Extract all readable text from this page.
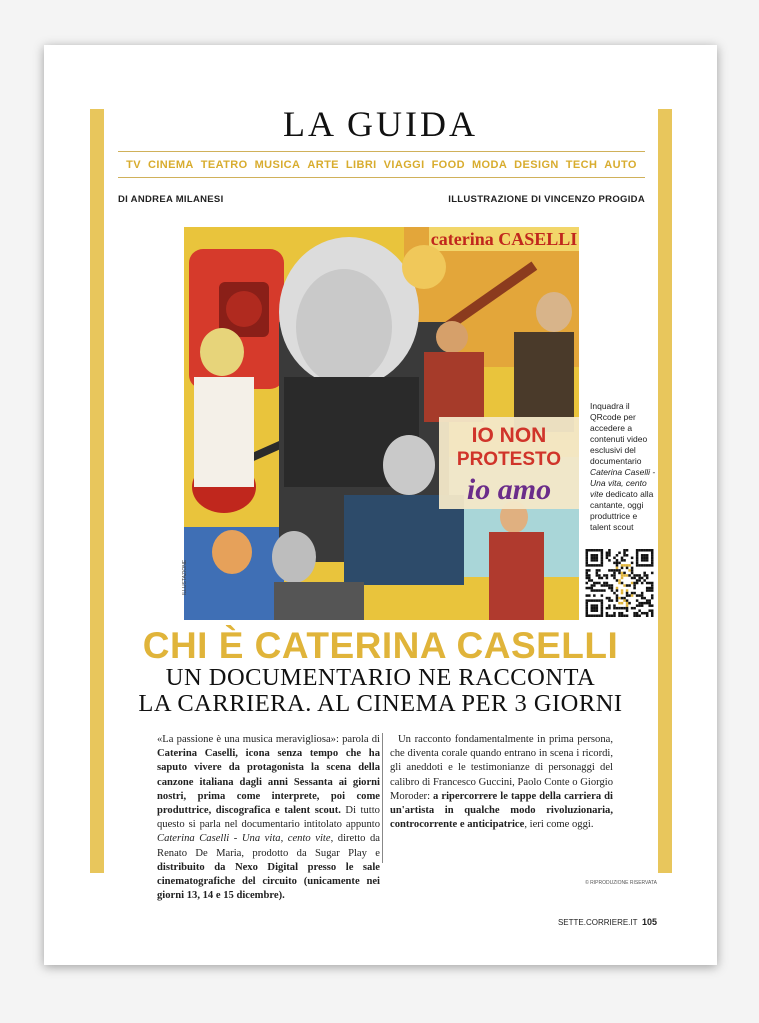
LA GUIDA
TV CINEMA TEATRO MUSICA ARTE LIBRI VIAGGI FOOD MODA DESIGN TECH AUTO
DI ANDREA MILANESI	ILLUSTRAZIONE DI VINCENZO PROGIDA
caterina CASELLI
IO NON
PROTESTO
io amo
ILLUSTAZIONE
Inquadra il QRcode per accedere a contenuti video esclusivi del documentario Caterina Caselli - Una vita, cento vite dedicato alla cantante, oggi produttrice e talent scout
CHI È CATERINA CASELLI
UN DOCUMENTARIO NE RACCONTA
LA CARRIERA. AL CINEMA PER 3 GIORNI
«La passione è una musica meravigliosa»: parola di Caterina Caselli, icona senza tempo che ha saputo vivere da protagonista la scena della canzone italiana dagli anni Sessanta ai giorni nostri, prima come interprete, poi come produttrice, discografica e talent scout. Di tutto questo si parla nel documentario intitolato appunto Caterina Caselli - Una vita, cento vite, diretto da Renato De Maria, prodotto da Sugar Play e distribuito da Nexo Digital presso le sale cinematografiche del circuito (unicamente nei giorni 13, 14 e 15 dicembre).
Un racconto fondamentalmente in prima persona, che diventa corale quando entrano in scena i ricordi, gli aneddoti e le testimonianze di personaggi del calibro di Francesco Guccini, Paolo Conte o Giorgio Moroder: a ripercorrere le tappe della carriera di un'artista in qualche modo rivoluzionaria, controcorrente e anticipatrice, ieri come oggi.
© RIPRODUZIONE RISERVATA
SETTE.CORRIERE.IT 105
